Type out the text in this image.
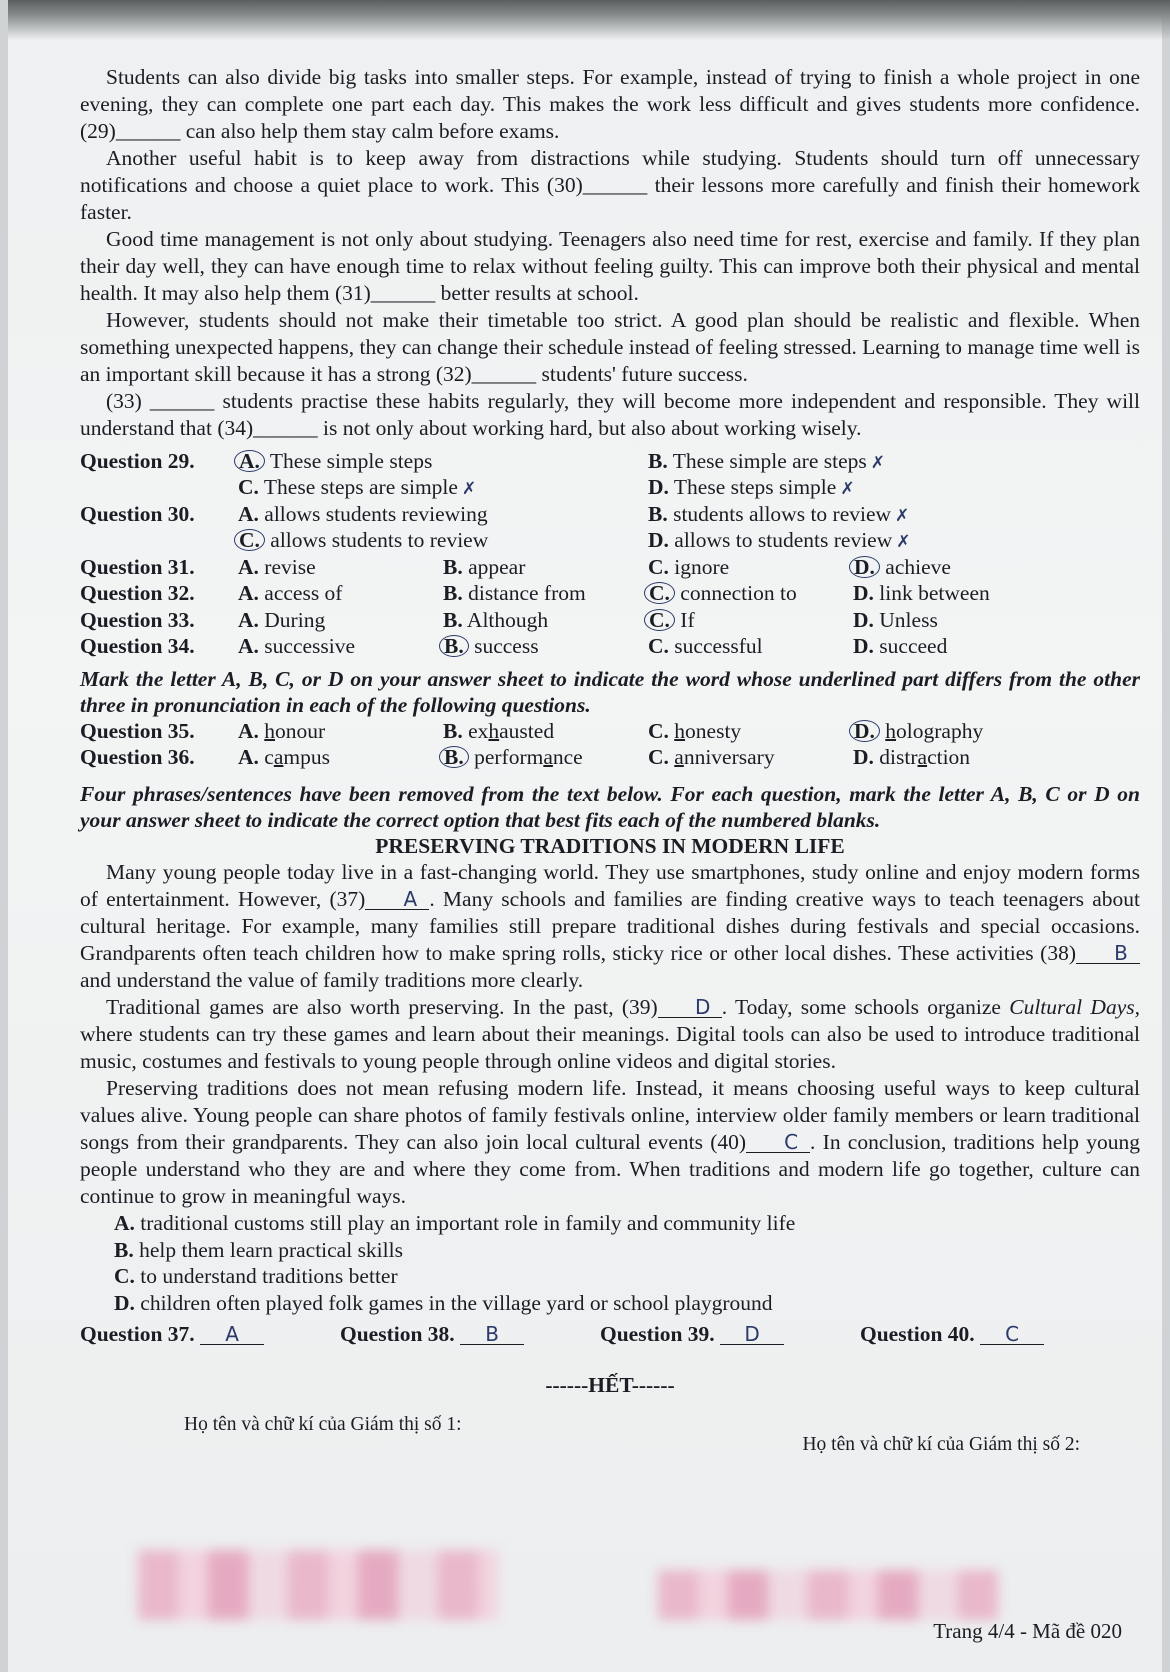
Students can also divide big tasks into smaller steps. For example, instead of trying to finish a whole project in one evening, they can complete one part each day. This makes the work less difficult and gives students more confidence. (29)______ can also help them stay calm before exams.

Another useful habit is to keep away from distractions while studying. Students should turn off unnecessary notifications and choose a quiet place to work. This (30)______ their lessons more carefully and finish their homework faster.

Good time management is not only about studying. Teenagers also need time for rest, exercise and family. If they plan their day well, they can have enough time to relax without feeling guilty. This can improve both their physical and mental health. It may also help them (31)______ better results at school.

However, students should not make their timetable too strict. A good plan should be realistic and flexible. When something unexpected happens, they can change their schedule instead of feeling stressed. Learning to manage time well is an important skill because it has a strong (32)______ students' future success.

(33) ______ students practise these habits regularly, they will become more independent and responsible. They will understand that (34)______ is not only about working hard, but also about working wisely.

Question 29.	A. These simple steps	B. These simple are steps ✗
C. These steps are simple ✗	D. These steps simple ✗
Question 30.	A. allows students reviewing	B. students allows to review ✗
C. allows students to review	D. allows to students review ✗
Question 31.	A. revise	B. appear	C. ignore	D. achieve
Question 32.	A. access of	B. distance from	C. connection to	D. link between
Question 33.	A. During	B. Although	C. If	D. Unless
Question 34.	A. successive	B. success	C. successful	D. succeed
Mark the letter A, B, C, or D on your answer sheet to indicate the word whose underlined part differs from the other three in pronunciation in each of the following questions.
Question 35.	A. honour	B. exhausted	C. honesty	D. holography
Question 36.	A. campus	B. performance	C. anniversary	D. distraction
Four phrases/sentences have been removed from the text below. For each question, mark the letter A, B, C or D on your answer sheet to indicate the correct option that best fits each of the numbered blanks.
PRESERVING TRADITIONS IN MODERN LIFE

Many young people today live in a fast-changing world. They use smartphones, study online and enjoy modern forms of entertainment. However, (37) A . Many schools and families are finding creative ways to teach teenagers about cultural heritage. For example, many families still prepare traditional dishes during festivals and special occasions. Grandparents often teach children how to make spring rolls, sticky rice or other local dishes. These activities (38) B and understand the value of family traditions more clearly.

Traditional games are also worth preserving. In the past, (39) D . Today, some schools organize Cultural Days, where students can try these games and learn about their meanings. Digital tools can also be used to introduce traditional music, costumes and festivals to young people through online videos and digital stories.

Preserving traditions does not mean refusing modern life. Instead, it means choosing useful ways to keep cultural values alive. Young people can share photos of family festivals online, interview older family members or learn traditional songs from their grandparents. They can also join local cultural events (40) C . In conclusion, traditions help young people understand who they are and where they come from. When traditions and modern life go together, culture can continue to grow in meaningful ways.

A. traditional customs still play an important role in family and community life
B. help them learn practical skills
C. to understand traditions better
D. children often played folk games in the village yard or school playground
Question 37. A	Question 38. B	Question 39. D	Question 40. C
------HẾT------
Họ tên và chữ kí của Giám thị số 1:
Họ tên và chữ kí của Giám thị số 2:
Trang 4/4 - Mã đề 020
